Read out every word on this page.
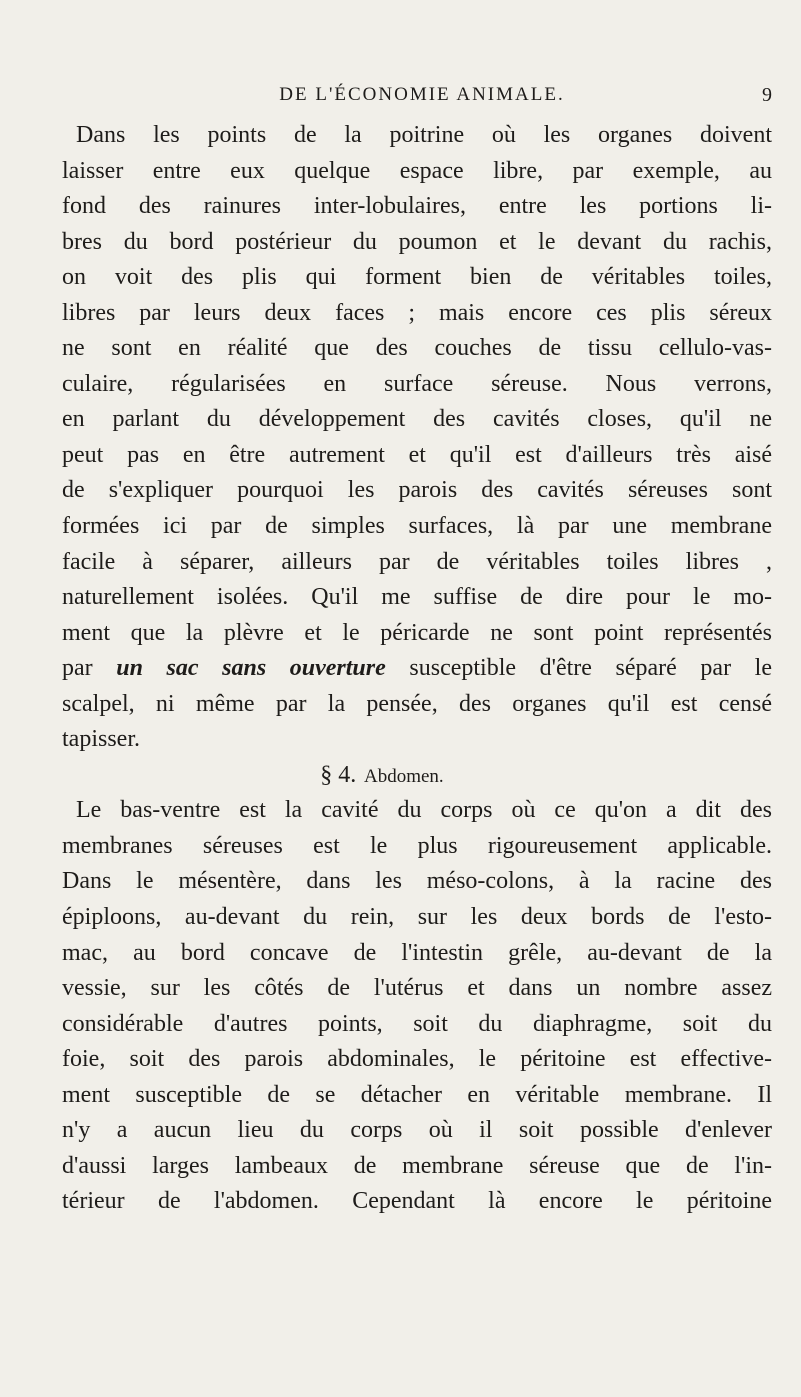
DE L'ÉCONOMIE ANIMALE.	9
Dans les points de la poitrine où les organes doivent
laisser entre eux quelque espace libre, par exemple, au
fond des rainures inter-lobulaires, entre les portions li-
bres du bord postérieur du poumon et le devant du rachis,
on voit des plis qui forment bien de véritables toiles,
libres par leurs deux faces ; mais encore ces plis séreux
ne sont en réalité que des couches de tissu cellulo-vas-
culaire, régularisées en surface séreuse. Nous verrons,
en parlant du développement des cavités closes, qu'il ne
peut pas en être autrement et qu'il est d'ailleurs très aisé
de s'expliquer pourquoi les parois des cavités séreuses sont
formées ici par de simples surfaces, là par une membrane
facile à séparer, ailleurs par de véritables toiles libres ,
naturellement isolées. Qu'il me suffise de dire pour le mo-
ment que la plèvre et le péricarde ne sont point représentés
par un sac sans ouverture susceptible d'être séparé par le
scalpel, ni même par la pensée, des organes qu'il est censé
tapisser.
§ 4. Abdomen.
Le bas-ventre est la cavité du corps où ce qu'on a dit des
membranes séreuses est le plus rigoureusement applicable.
Dans le mésentère, dans les méso-colons, à la racine des
épiploons, au-devant du rein, sur les deux bords de l'esto-
mac, au bord concave de l'intestin grêle, au-devant de la
vessie, sur les côtés de l'utérus et dans un nombre assez
considérable d'autres points, soit du diaphragme, soit du
foie, soit des parois abdominales, le péritoine est effective-
ment susceptible de se détacher en véritable membrane. Il
n'y a aucun lieu du corps où il soit possible d'enlever
d'aussi larges lambeaux de membrane séreuse que de l'in-
térieur de l'abdomen. Cependant là encore le péritoine
